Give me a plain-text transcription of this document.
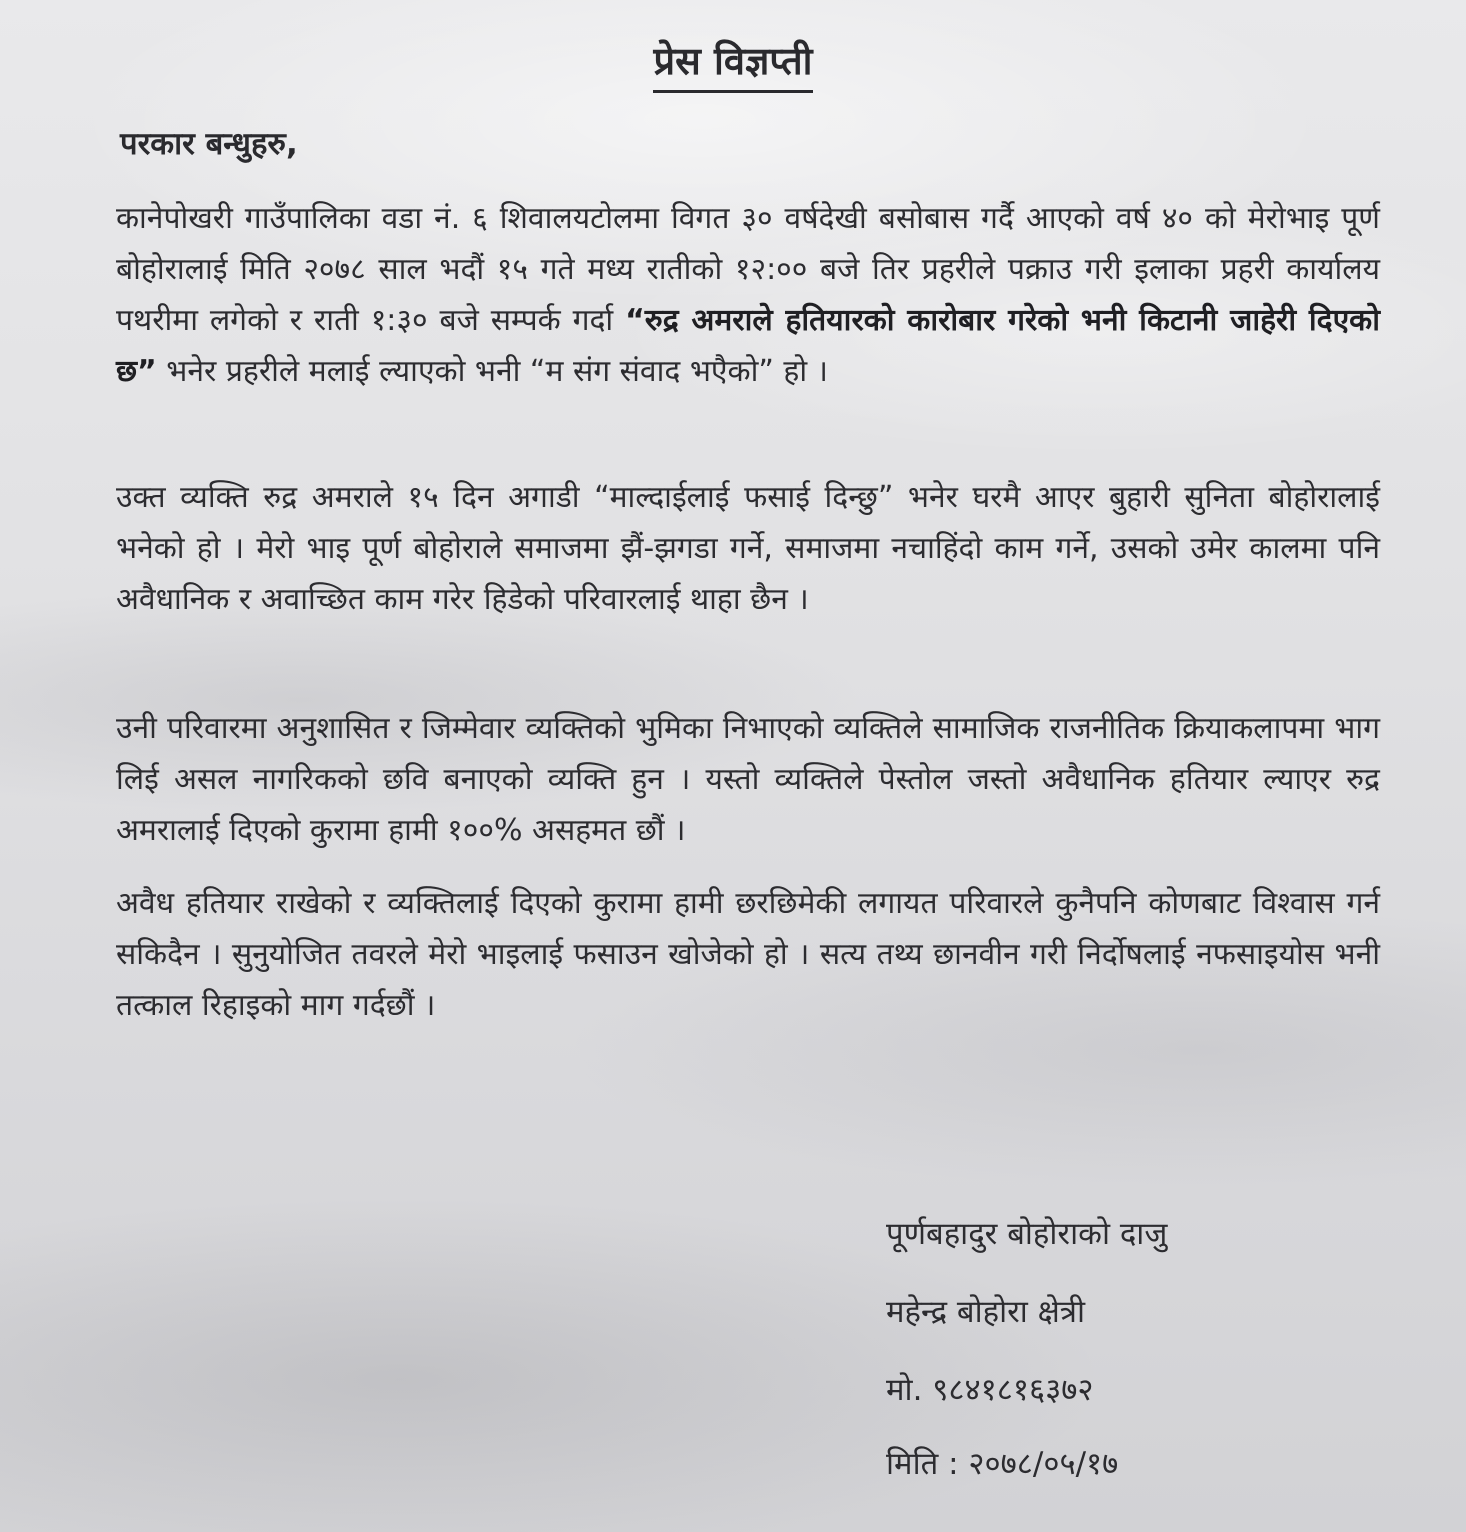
प्रेस विज्ञप्ती
परकार बन्धुहरु,

कानेपोखरी गाउँपालिका वडा नं. ६ शिवालयटोलमा विगत ३० वर्षदेखी बसोबास गर्दै आएको वर्ष ४० को मेरोभाइ पूर्ण बोहोरालाई मिति २०७८ साल भदौं १५ गते मध्य रातीको १२:०० बजे तिर प्रहरीले पक्राउ गरी इलाका प्रहरी कार्यालय पथरीमा लगेको र राती १:३० बजे सम्पर्क गर्दा “रुद्र अमराले हतियारको कारोबार गरेको भनी किटानी जाहेरी दिएको छ” भनेर प्रहरीले मलाई ल्याएको भनी “म संग संवाद भएैको” हो ।

उक्त व्यक्ति रुद्र अमराले १५ दिन अगाडी “माल्दाईलाई फसाई दिन्छु” भनेर घरमै आएर बुहारी सुनिता बोहोरालाई भनेको हो । मेरो भाइ पूर्ण बोहोराले समाजमा झैं-झगडा गर्ने, समाजमा नचाहिंदो काम गर्ने, उसको उमेर कालमा पनि अवैधानिक र अवाच्छित काम गरेर हिडेको परिवारलाई थाहा छैन ।

उनी परिवारमा अनुशासित र जिम्मेवार व्यक्तिको भुमिका निभाएको व्यक्तिले सामाजिक राजनीतिक क्रियाकलापमा भाग लिई असल नागरिकको छवि बनाएको व्यक्ति हुन । यस्तो व्यक्तिले पेस्तोल जस्तो अवैधानिक हतियार ल्याएर रुद्र अमरालाई दिएको कुरामा हामी १००% असहमत छौं ।

अवैध हतियार राखेको र व्यक्तिलाई दिएको कुरामा हामी छरछिमेकी लगायत परिवारले कुनैपनि कोणबाट विश्वास गर्न सकिदैन । सुनुयोजित तवरले मेरो भाइलाई फसाउन खोजेको हो । सत्य तथ्य छानवीन गरी निर्दोषलाई नफसाइयोस भनी तत्काल रिहाइको माग गर्दछौं ।

पूर्णबहादुर बोहोराको दाजु
महेन्द्र बोहोरा क्षेत्री
मो. ९८४१८१६३७२
मिति : २०७८/०५/१७
